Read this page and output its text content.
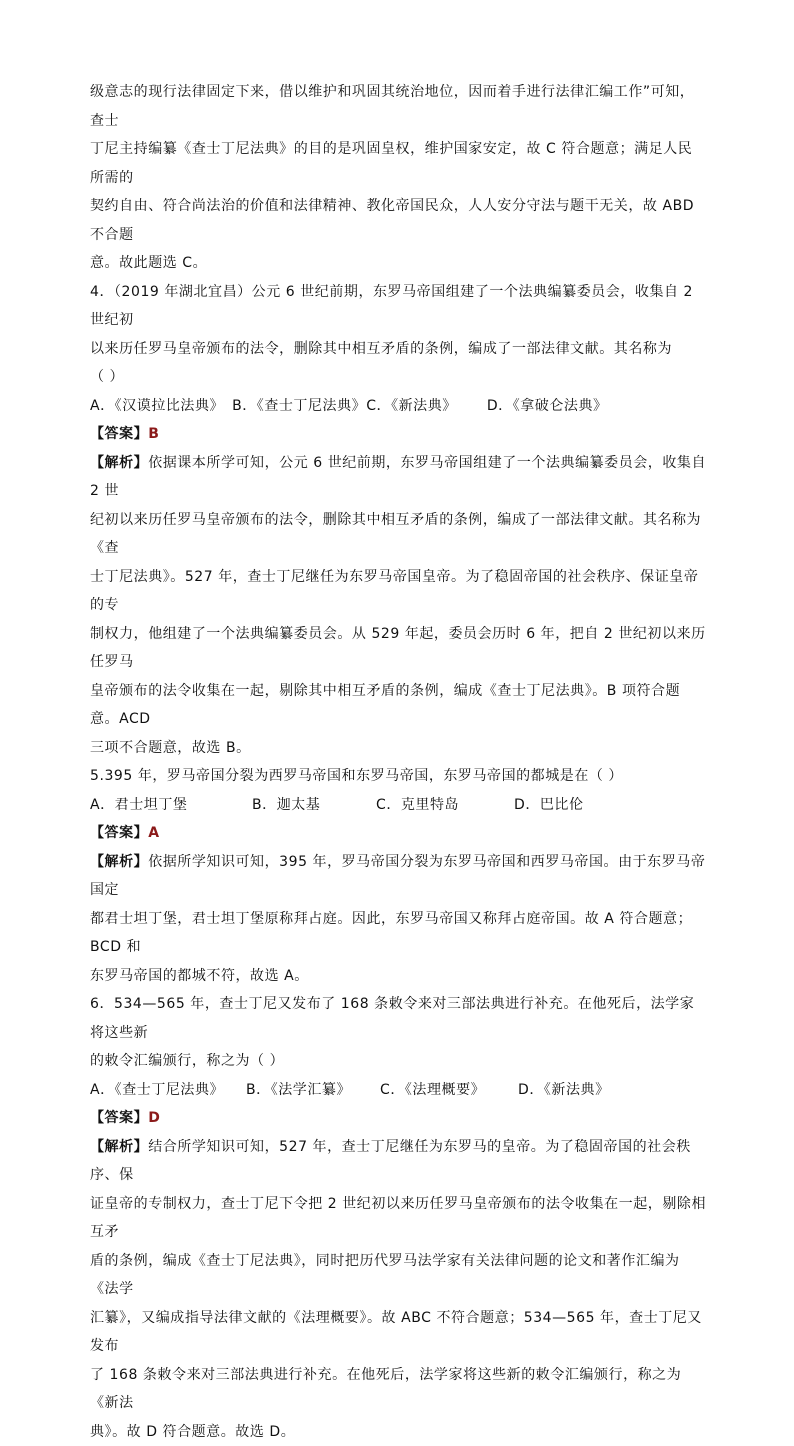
级意志的现行法律固定下来，借以维护和巩固其统治地位，因而着手进行法律汇编工作”可知，查士

丁尼主持编纂《查士丁尼法典》的目的是巩固皇权，维护国家安定，故 C 符合题意；满足人民所需的

契约自由、符合尚法治的价值和法律精神、教化帝国民众，人人安分守法与题干无关，故 ABD 不合题

意。故此题选 C。

4．（2019 年湖北宜昌）公元 6 世纪前期，东罗马帝国组建了一个法典编纂委员会，收集自 2 世纪初

以来历任罗马皇帝颁布的法令，删除其中相互矛盾的条例，编成了一部法律文献。其名称为

（ ）

A．《汉谟拉比法典》 B．《查士丁尼法典》C．《新法典》 D．《拿破仑法典》

【答案】B

【解析】依据课本所学可知，公元 6 世纪前期，东罗马帝国组建了一个法典编纂委员会，收集自 2 世

纪初以来历任罗马皇帝颁布的法令，删除其中相互矛盾的条例，编成了一部法律文献。其名称为《查

士丁尼法典》。527 年，查士丁尼继任为东罗马帝国皇帝。为了稳固帝国的社会秩序、保证皇帝的专

制权力，他组建了一个法典编纂委员会。从 529 年起，委员会历时 6 年，把自 2 世纪初以来历任罗马

皇帝颁布的法令收集在一起，剔除其中相互矛盾的条例，编成《查士丁尼法典》。B 项符合题意。ACD

三项不合题意，故选 B。

5.395 年，罗马帝国分裂为西罗马帝国和东罗马帝国，东罗马帝国的都城是在（ ）

A．君士坦丁堡	B．迦太基	C．克里特岛	D．巴比伦

【答案】A

【解析】依据所学知识可知，395 年，罗马帝国分裂为东罗马帝国和西罗马帝国。由于东罗马帝国定

都君士坦丁堡，君士坦丁堡原称拜占庭。因此，东罗马帝国又称拜占庭帝国。故 A 符合题意；BCD 和

东罗马帝国的都城不符，故选 A。

6．534—565 年，查士丁尼又发布了 168 条敕令来对三部法典进行补充。在他死后，法学家将这些新

的敕令汇编颁行，称之为（ ）

A．《查士丁尼法典》 B．《法学汇纂》 C．《法理概要》 D．《新法典》

【答案】D

【解析】结合所学知识可知，527 年，查士丁尼继任为东罗马的皇帝。为了稳固帝国的社会秩序、保

证皇帝的专制权力，查士丁尼下令把 2 世纪初以来历任罗马皇帝颁布的法令收集在一起，剔除相互矛

盾的条例，编成《查士丁尼法典》，同时把历代罗马法学家有关法律问题的论文和著作汇编为《法学

汇纂》，又编成指导法律文献的《法理概要》。故 ABC 不符合题意；534—565 年，查士丁尼又发布

了 168 条敕令来对三部法典进行补充。在他死后，法学家将这些新的敕令汇编颁行，称之为《新法

典》。故 D 符合题意。故选 D。
